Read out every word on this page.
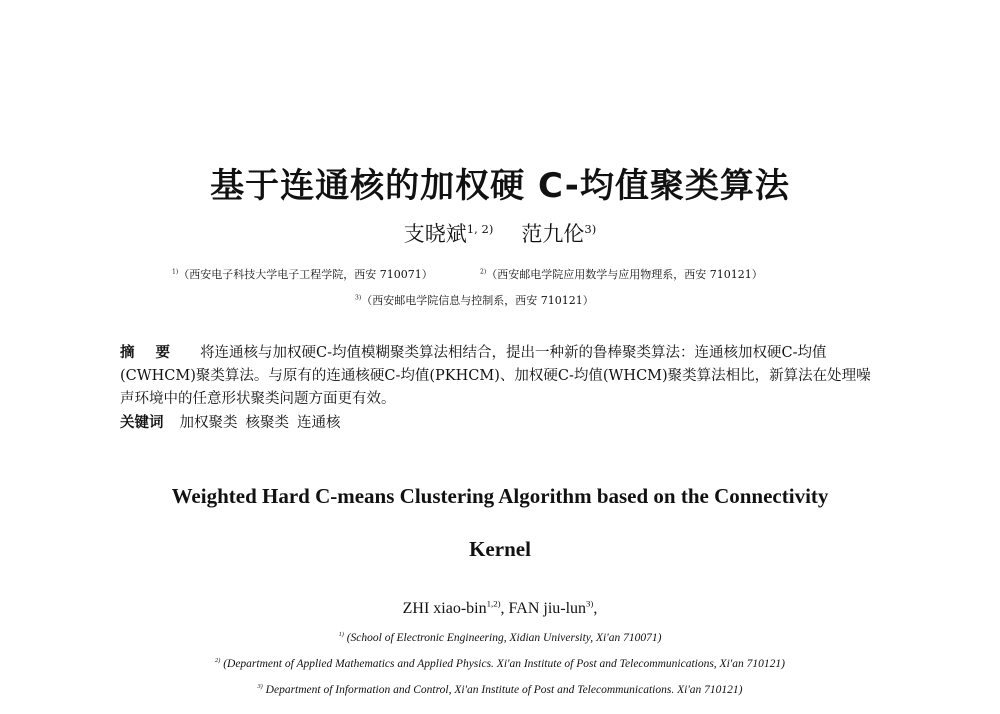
基于连通核的加权硬 C-均值聚类算法
支晓斌$^{1, 2)}$ 范九伦$^{3)}$
$^{1)}$（西安电子科技大学电子工程学院，西安 710071）	$^{2)}$（西安邮电学院应用数学与应用物理系，西安 710121）
$^{3)}$（西安邮电学院信息与控制系，西安 710121）

摘 要 将连通核与加权硬C-均值模糊聚类算法相结合，提出一种新的鲁棒聚类算法：连通核加权硬C-均值(CWHCM)聚类算法。与原有的连通核硬C-均值(PKHCM)、加权硬C-均值(WHCM)聚类算法相比，新算法在处理噪声环境中的任意形状聚类问题方面更有效。

关键词 加权聚类 核聚类 连通核

Weighted Hard C-means Clustering Algorithm based on the Connectivity
Kernel
ZHI xiao-bin$^{1,2)}$, FAN jiu-lun$^{3)}$,
$^{1)}$ (School of Electronic Engineering, Xidian University, Xi'an 710071)
$^{2)}$ (Department of Applied Mathematics and Applied Physics. Xi'an Institute of Post and Telecommunications, Xi'an 710121)
$^{3)}$ Department of Information and Control, Xi'an Institute of Post and Telecommunications. Xi'an 710121)
